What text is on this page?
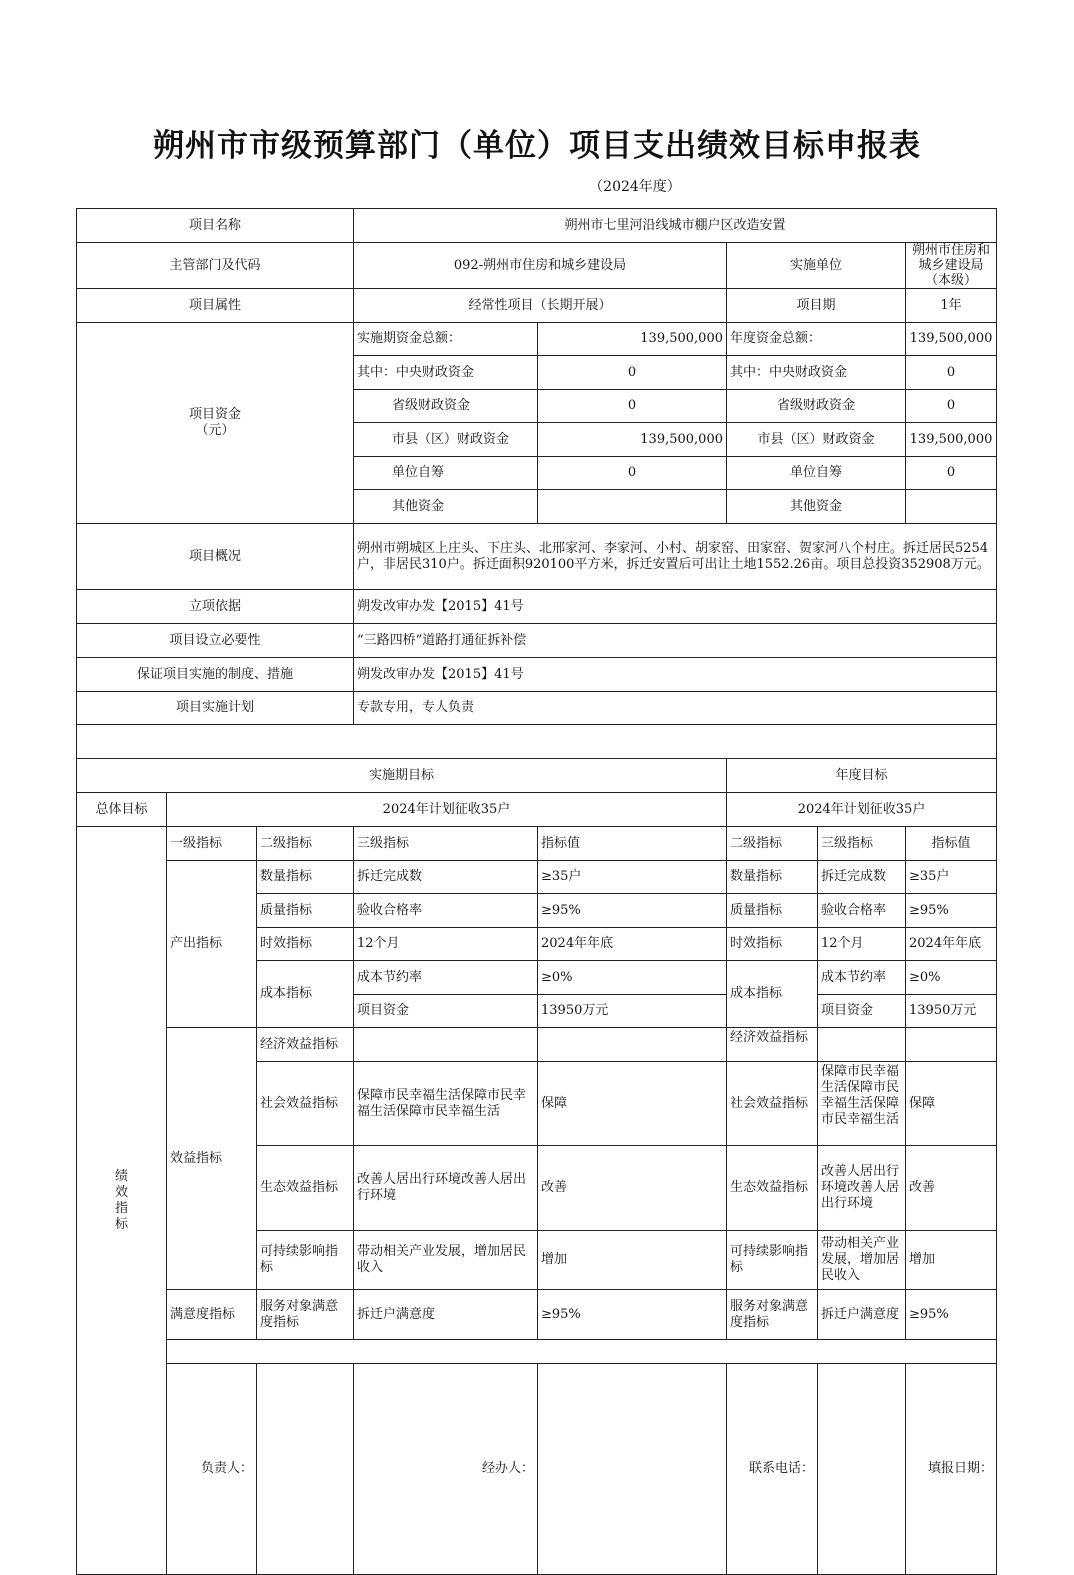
朔州市市级预算部门（单位）项目支出绩效目标申报表
（2024年度）
项目名称			朔州市七里河沿线城市棚户区改造安置					
主管部门及代码			092-朔州市住房和城乡建设局		实施单位		朔州市住房和城乡建设局（本级）	
项目属性			经常性项目（长期开展）		项目期		1年	

项目资金
（元）			实施期资金总额：	139,500,000	年度资金总额：		139,500,000	
			其中：中央财政资金	0	其中：中央财政资金		0	
			省级财政资金	0	省级财政资金		0	
			市县（区）财政资金	139,500,000	市县（区）财政资金		139,500,000	
			单位自筹	0	单位自筹		0	
			其他资金		其他资金			
项目概况			朔州市朔城区上庄头、下庄头、北邢家河、李家河、小村、胡家窑、田家窑、贺家河八个村庄。拆迁居民5254户，非居民310户。拆迁面积920100平方米，拆迁安置后可出让土地1552.26亩。项目总投资352908万元。					
立项依据			朔发改审办发【2015】41号					
项目设立必要性			“三路四桥”道路打通征拆补偿					
保证项目实施的制度、措施			朔发改审办发【2015】41号					
项目实施计划			专款专用，专人负责					

实施期目标					年度目标			
总体目标	2024年计划征收35户				2024年计划征收35户			

绩
效
指
标	一级指标	二级指标	三级指标	指标值	二级指标	三级指标	指标值	
	产出指标	数量指标	拆迁完成数	≥35户	数量指标	拆迁完成数	≥35户	
		质量指标	验收合格率	≥95%	质量指标	验收合格率	≥95%	
		时效指标	12个月	2024年年底	时效指标	12个月	2024年年底	
		成本指标	成本节约率	≥0%	成本指标	成本节约率	≥0%	
			项目资金	13950万元		项目资金	13950万元	
	效益指标	经济效益指标			经济效益指标			

		社会效益指标	保障市民幸福生活保障市民幸福生活保障市民幸福生活	保障	社会效益指标	保障市民幸福生活保障市民幸福生活保障市民幸福生活	保障	
		生态效益指标	改善人居出行环境改善人居出行环境	改善	生态效益指标	改善人居出行环境改善人居出行环境	改善	
		可持续影响指标	带动相关产业发展，增加居民收入	增加	可持续影响指标	带动相关产业发展，增加居民收入	增加	
	满意度指标	服务对象满意度指标	拆迁户满意度	≥95%	服务对象满意度指标	拆迁户满意度	≥95%	

	负责人：		经办人：		联系电话：		填报日期：	
